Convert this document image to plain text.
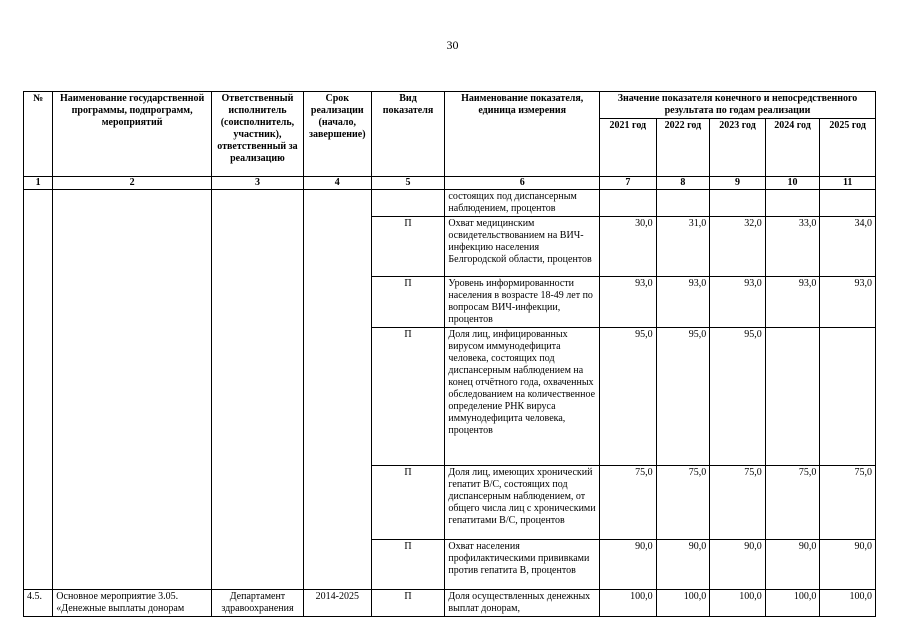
30
№	Наименование государственной программы, подпрограмм, мероприятий	Ответственный исполнитель (соисполнитель, участник), ответственный за реализацию	Срок реализации (начало, завершение)	Вид показателя	Наименование показателя, единица измерения	Значение показателя конечного и непосредственного результата по годам реализации				
						2021 год	2022 год	2023 год	2024 год	2025 год
1	2	3	4	5	6	7	8	9	10	11
					состоящих под диспансерным наблюдением, процентов					
				П	Охват медицинским освидетельствованием на ВИЧ-инфекцию населения Белгородской области, процентов	30,0	31,0	32,0	33,0	34,0
				П	Уровень информированности населения в возрасте 18-49 лет по вопросам ВИЧ-инфекции, процентов	93,0	93,0	93,0	93,0	93,0
				П	Доля лиц, инфицированных вирусом иммунодефицита человека, состоящих под диспансерным наблюдением на конец отчётного года, охваченных обследованием на количественное определение РНК вируса иммунодефицита человека, процентов	95,0	95,0	95,0		
				П	Доля лиц, имеющих хронический гепатит В/С, состоящих под диспансерным наблюдением, от общего числа лиц с хроническими гепатитами В/С, процентов	75,0	75,0	75,0	75,0	75,0
				П	Охват населения профилактическими прививками против гепатита В, процентов	90,0	90,0	90,0	90,0	90,0
4.5.	Основное мероприятие 3.05. «Денежные выплаты донорам	Департамент здравоохранения	2014-2025	П	Доля осуществленных денежных выплат донорам,	100,0	100,0	100,0	100,0	100,0
